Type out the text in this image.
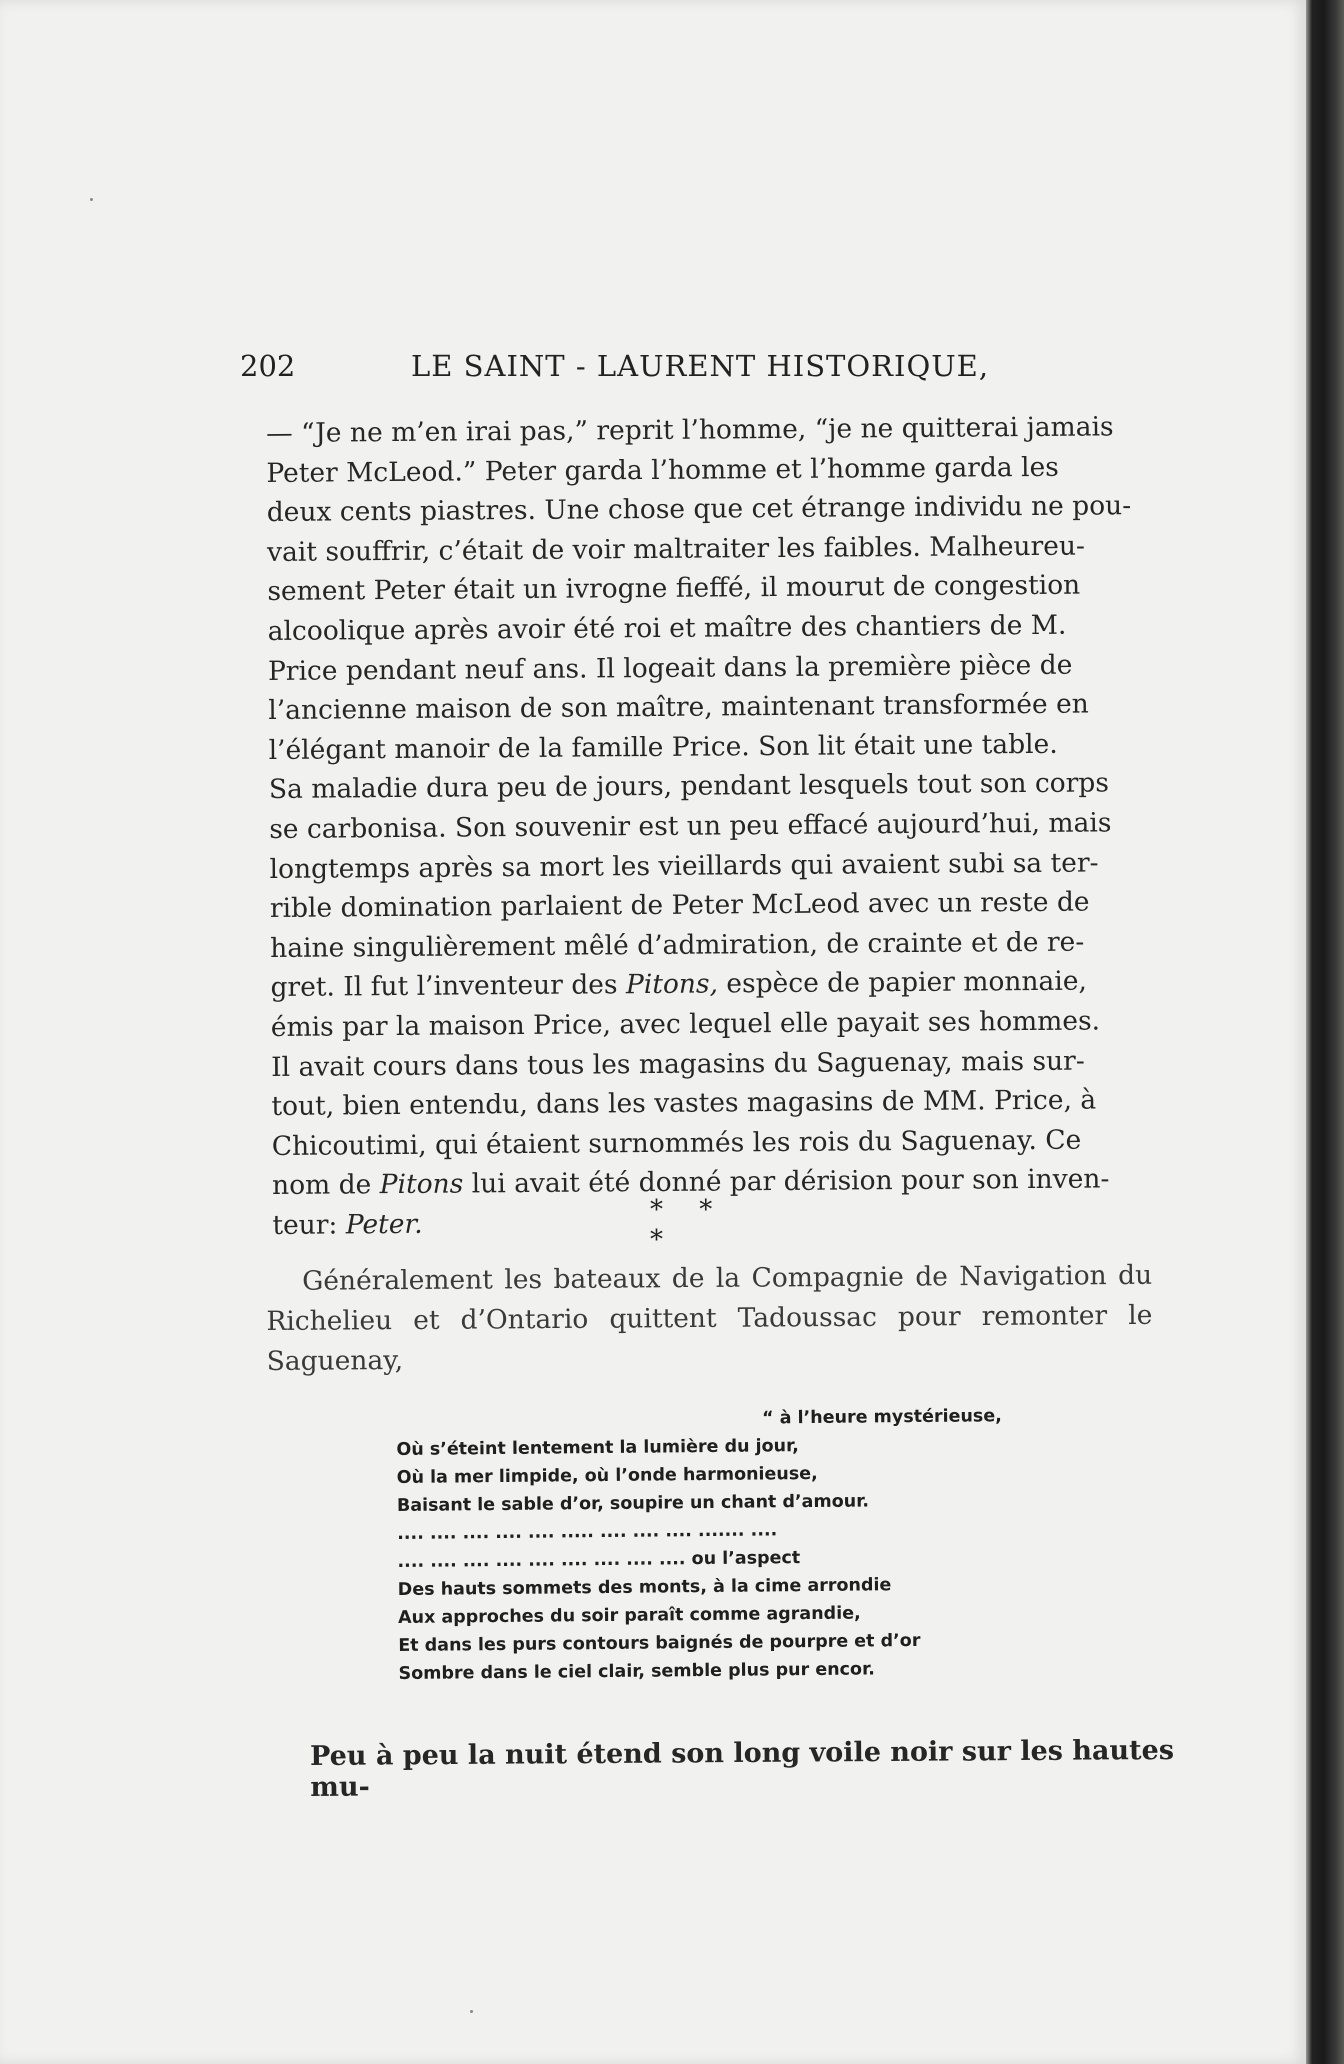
202	LE SAINT - LAURENT HISTORIQUE,

— “Je ne m’en irai pas,” reprit l’homme, “je ne quitterai jamais

Peter McLeod.” Peter garda l’homme et l’homme garda les

deux cents piastres. Une chose que cet étrange individu ne pou-

vait souffrir, c’était de voir maltraiter les faibles. Malheureu-

sement Peter était un ivrogne fieffé, il mourut de congestion

alcoolique après avoir été roi et maître des chantiers de M.

Price pendant neuf ans. Il logeait dans la première pièce de

l’ancienne maison de son maître, maintenant transformée en

l’élégant manoir de la famille Price. Son lit était une table.

Sa maladie dura peu de jours, pendant lesquels tout son corps

se carbonisa. Son souvenir est un peu effacé aujourd’hui, mais

longtemps après sa mort les vieillards qui avaient subi sa ter-

rible domination parlaient de Peter McLeod avec un reste de

haine singulièrement mêlé d’admiration, de crainte et de re-

gret. Il fut l’inventeur des Pitons, espèce de papier monnaie,

émis par la maison Price, avec lequel elle payait ses hommes.

Il avait cours dans tous les magasins du Saguenay, mais sur-

tout, bien entendu, dans les vastes magasins de MM. Price, à

Chicoutimi, qui étaient surnommés les rois du Saguenay. Ce

nom de Pitons lui avait été donné par dérision pour son inven-

teur: Peter.	* * *
Généralement les bateaux de la Compagnie de Navigation du Richelieu et d’Ontario quittent Tadoussac pour remonter le Saguenay,
“ à l’heure mystérieuse,
Où s’éteint lentement la lumière du jour,
Où la mer limpide, où l’onde harmonieuse,
Baisant le sable d’or, soupire un chant d’amour.
.... .... .... .... .... ..... .... .... .... ....... ....
.... .... .... .... .... .... .... .... .... ou l’aspect
Des hauts sommets des monts, à la cime arrondie
Aux approches du soir paraît comme agrandie,
Et dans les purs contours baignés de pourpre et d’or
Sombre dans le ciel clair, semble plus pur encor.
Peu à peu la nuit étend son long voile noir sur les hautes mu-
